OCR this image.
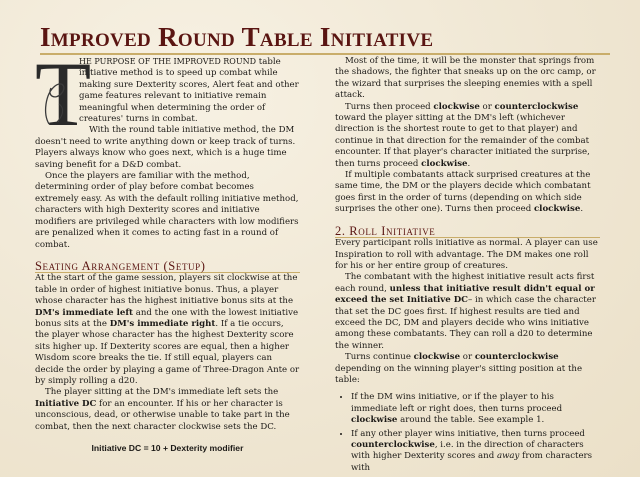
Improved Round Table Initiative
T

HE PURPOSE OF THE IMPROVED ROUND table initiative method is to speed up combat while making sure Dexterity scores, Alert feat and other game features relevant to initiative remain meaningful when determining the order of creatures' turns in combat.

With the round table initiative method, the DM doesn't need to write anything down or keep track of turns. Players always know who goes next, which is a huge time saving benefit for a D&D combat.

Once the players are familiar with the method, determining order of play before combat becomes extremely easy. As with the default rolling initiative method, characters with high Dexterity scores and initiative modifiers are privileged while characters with low modifiers are penalized when it comes to acting fast in a round of combat.

Seating Arrangement (Setup)

At the start of the game session, players sit clockwise at the table in order of highest initiative bonus. Thus, a player whose character has the highest initiative bonus sits at the DM's immediate left and the one with the lowest initiative bonus sits at the DM's immediate right. If a tie occurs, the player whose character has the highest Dexterity score sits higher up. If Dexterity scores are equal, then a higher Wisdom score breaks the tie. If still equal, players can decide the order by playing a game of Three-Dragon Ante or by simply rolling a d20.

The player sitting at the DM's immediate left sets the Initiative DC for an encounter. If his or her character is unconscious, dead, or otherwise unable to take part in the combat, then the next character clockwise sets the DC.

Initiative DC = 10 + Dexterity modifier

Most of the time, it will be the monster that springs from the shadows, the fighter that sneaks up on the orc camp, or the wizard that surprises the sleeping enemies with a spell attack.

Turns then proceed clockwise or counterclockwise toward the player sitting at the DM's left (whichever direction is the shortest route to get to that player) and continue in that direction for the remainder of the combat encounter. If that player's character initiated the surprise, then turns proceed clockwise.

If multiple combatants attack surprised creatures at the same time, the DM or the players decide which combatant goes first in the order of turns (depending on which side surprises the other one). Turns then proceed clockwise.

2. Roll Initiative

Every participant rolls initiative as normal. A player can use Inspiration to roll with advantage. The DM makes one roll for his or her entire group of creatures.

The combatant with the highest initiative result acts first each round, unless that initiative result didn't equal or exceed the set Initiative DC– in which case the character that set the DC goes first. If highest results are tied and exceed the DC, DM and players decide who wins initiative among these combatants. They can roll a d20 to determine the winner.

Turns continue clockwise or counterclockwise depending on the winning player's sitting position at the table:

• If the DM wins initiative, or if the player to his immediate left or right does, then turns proceed clockwise around the table. See example 1.
• If any other player wins initiative, then turns proceed counterclockwise, i.e. in the direction of characters with higher Dexterity scores and away from characters with
